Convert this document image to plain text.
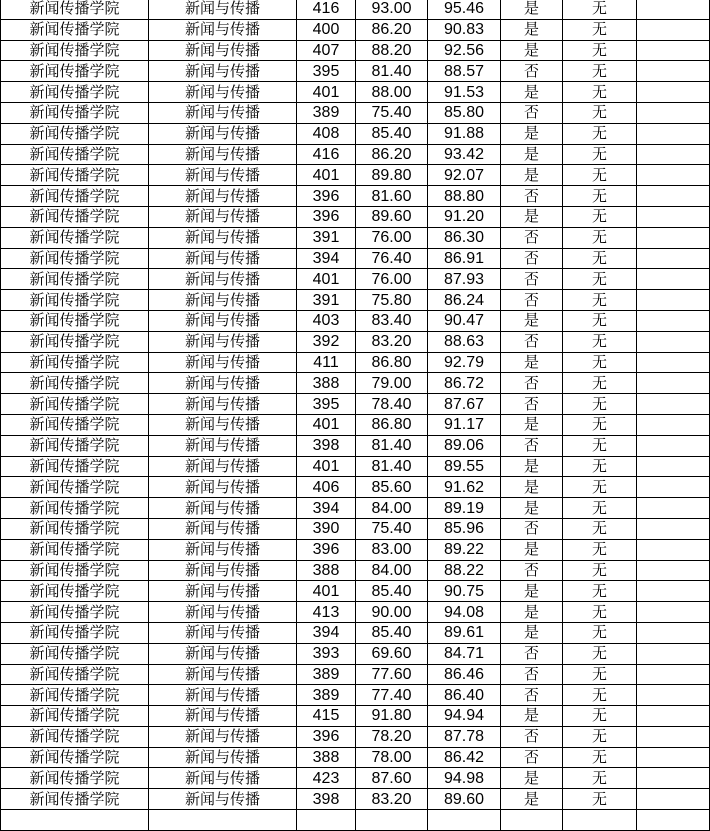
新闻传播学院	新闻与传播	416	93.00	95.46	是	无	
新闻传播学院	新闻与传播	400	86.20	90.83	是	无	
新闻传播学院	新闻与传播	407	88.20	92.56	是	无	
新闻传播学院	新闻与传播	395	81.40	88.57	否	无	
新闻传播学院	新闻与传播	401	88.00	91.53	是	无	
新闻传播学院	新闻与传播	389	75.40	85.80	否	无	
新闻传播学院	新闻与传播	408	85.40	91.88	是	无	
新闻传播学院	新闻与传播	416	86.20	93.42	是	无	
新闻传播学院	新闻与传播	401	89.80	92.07	是	无	
新闻传播学院	新闻与传播	396	81.60	88.80	否	无	
新闻传播学院	新闻与传播	396	89.60	91.20	是	无	
新闻传播学院	新闻与传播	391	76.00	86.30	否	无	
新闻传播学院	新闻与传播	394	76.40	86.91	否	无	
新闻传播学院	新闻与传播	401	76.00	87.93	否	无	
新闻传播学院	新闻与传播	391	75.80	86.24	否	无	
新闻传播学院	新闻与传播	403	83.40	90.47	是	无	
新闻传播学院	新闻与传播	392	83.20	88.63	否	无	
新闻传播学院	新闻与传播	411	86.80	92.79	是	无	
新闻传播学院	新闻与传播	388	79.00	86.72	否	无	
新闻传播学院	新闻与传播	395	78.40	87.67	否	无	
新闻传播学院	新闻与传播	401	86.80	91.17	是	无	
新闻传播学院	新闻与传播	398	81.40	89.06	否	无	
新闻传播学院	新闻与传播	401	81.40	89.55	是	无	
新闻传播学院	新闻与传播	406	85.60	91.62	是	无	
新闻传播学院	新闻与传播	394	84.00	89.19	是	无	
新闻传播学院	新闻与传播	390	75.40	85.96	否	无	
新闻传播学院	新闻与传播	396	83.00	89.22	是	无	
新闻传播学院	新闻与传播	388	84.00	88.22	否	无	
新闻传播学院	新闻与传播	401	85.40	90.75	是	无	
新闻传播学院	新闻与传播	413	90.00	94.08	是	无	
新闻传播学院	新闻与传播	394	85.40	89.61	是	无	
新闻传播学院	新闻与传播	393	69.60	84.71	否	无	
新闻传播学院	新闻与传播	389	77.60	86.46	否	无	
新闻传播学院	新闻与传播	389	77.40	86.40	否	无	
新闻传播学院	新闻与传播	415	91.80	94.94	是	无	
新闻传播学院	新闻与传播	396	78.20	87.78	否	无	
新闻传播学院	新闻与传播	388	78.00	86.42	否	无	
新闻传播学院	新闻与传播	423	87.60	94.98	是	无	
新闻传播学院	新闻与传播	398	83.20	89.60	是	无	
